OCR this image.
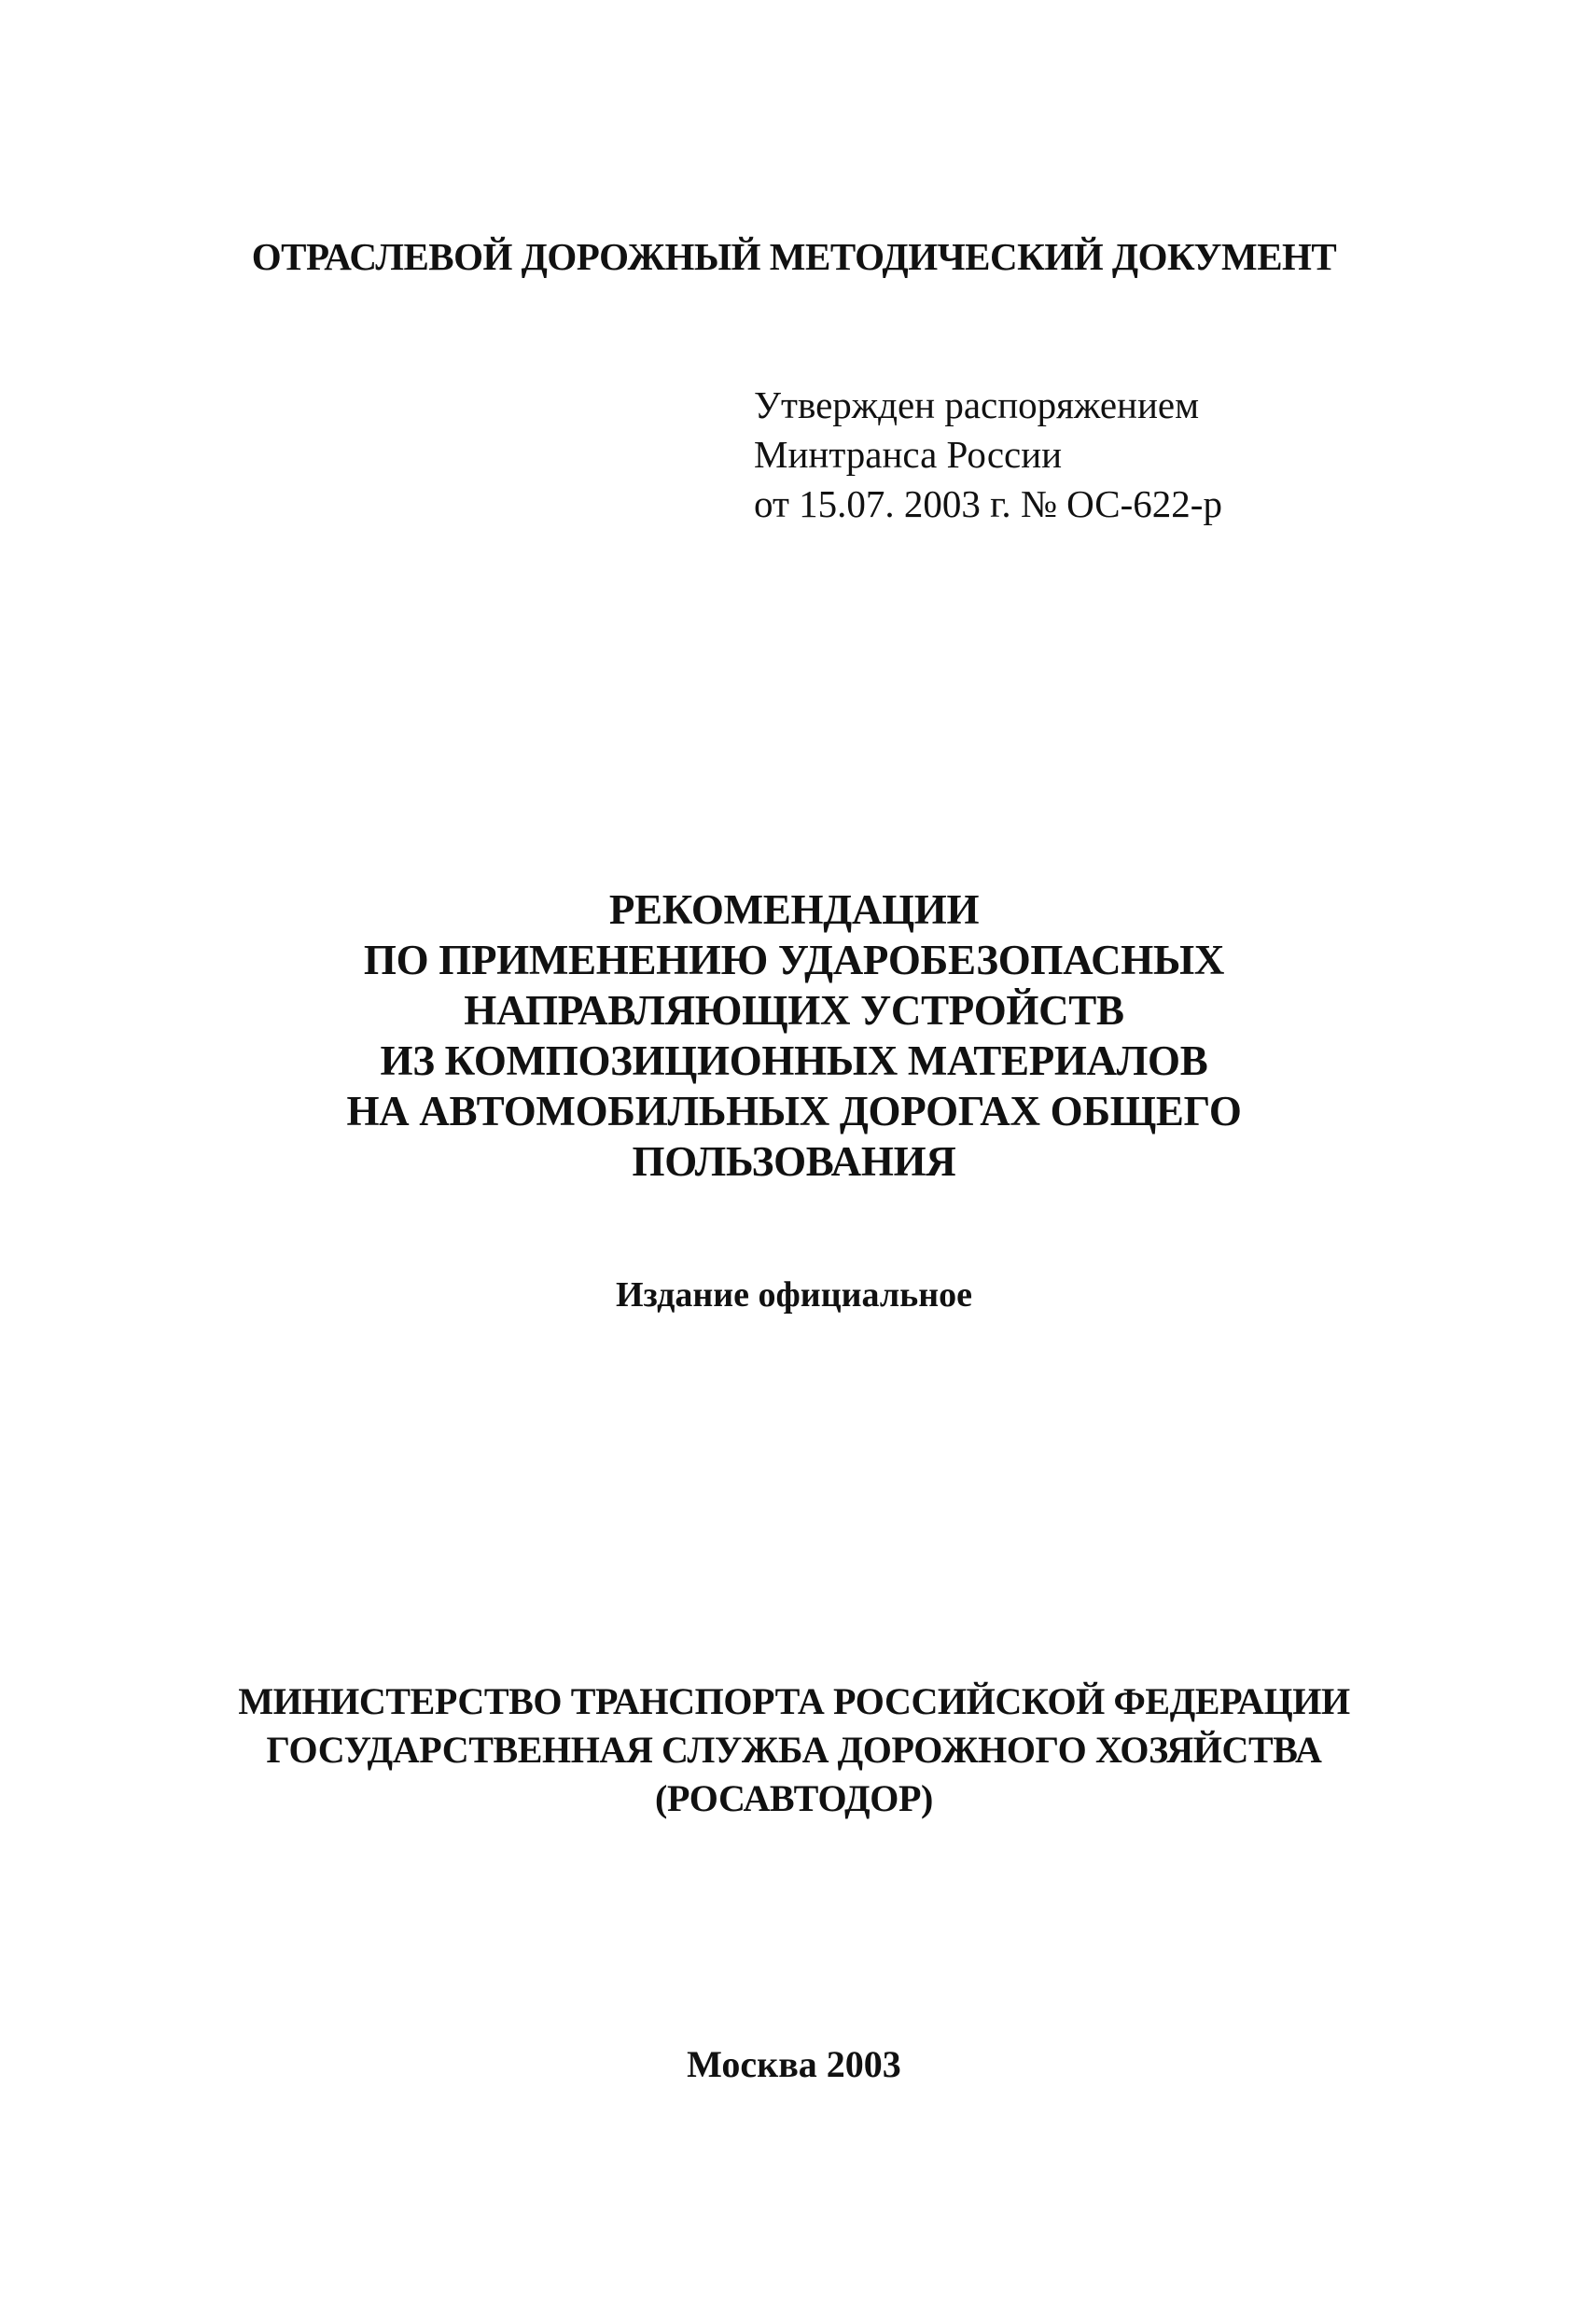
ОТРАСЛЕВОЙ ДОРОЖНЫЙ МЕТОДИЧЕСКИЙ ДОКУМЕНТ
Утвержден распоряжением
Минтранса России
от 15.07. 2003 г. № ОС-622-р
РЕКОМЕНДАЦИИ
ПО ПРИМЕНЕНИЮ УДАРОБЕЗОПАСНЫХ
НАПРАВЛЯЮЩИХ УСТРОЙСТВ
ИЗ КОМПОЗИЦИОННЫХ МАТЕРИАЛОВ
НА АВТОМОБИЛЬНЫХ ДОРОГАХ ОБЩЕГО
ПОЛЬЗОВАНИЯ
Издание официальное
МИНИСТЕРСТВО ТРАНСПОРТА РОССИЙСКОЙ ФЕДЕРАЦИИ
ГОСУДАРСТВЕННАЯ СЛУЖБА ДОРОЖНОГО ХОЗЯЙСТВА
(РОСАВТОДОР)
Москва 2003
